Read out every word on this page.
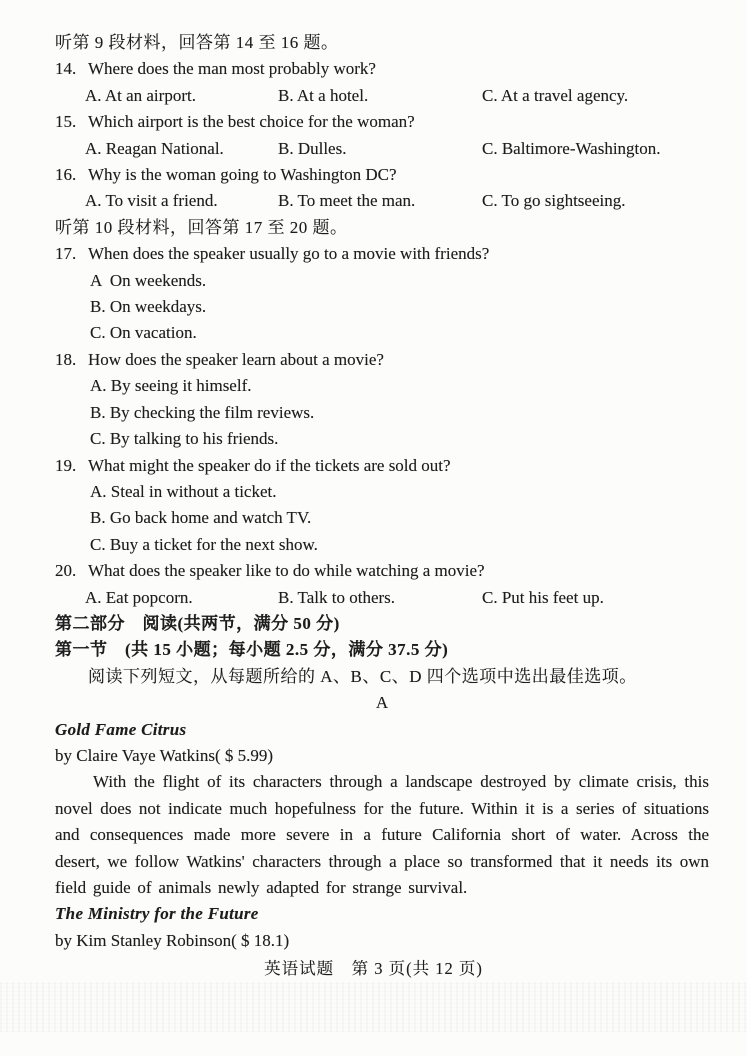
听第 9 段材料，回答第 14 至 16 题。
14. Where does the man most probably work?
A. At an airport.	B. At a hotel.	C. At a travel agency.
15. Which airport is the best choice for the woman?
A. Reagan National.	B. Dulles.	C. Baltimore-Washington.
16. Why is the woman going to Washington DC?
A. To visit a friend.	B. To meet the man.	C. To go sightseeing.
听第 10 段材料，回答第 17 至 20 题。
17. When does the speaker usually go to a movie with friends?
A  On weekends.
B. On weekdays.
C. On vacation.
18. How does the speaker learn about a movie?
A. By seeing it himself.
B. By checking the film reviews.
C. By talking to his friends.
19. What might the speaker do if the tickets are sold out?
A. Steal in without a ticket.
B. Go back home and watch TV.
C. Buy a ticket for the next show.
20. What does the speaker like to do while watching a movie?
A. Eat popcorn.	B. Talk to others.	C. Put his feet up.
第二部分　阅读(共两节，满分 50 分)
第一节　(共 15 小题；每小题 2.5 分，满分 37.5 分)
阅读下列短文，从每题所给的 A、B、C、D 四个选项中选出最佳选项。
A
Gold Fame Citrus
by Claire Vaye Watkins( $ 5.99)
With the flight of its characters through a landscape destroyed by climate crisis, this novel does not indicate much hopefulness for the future. Within it is a series of situations and consequences made more severe in a future California short of water. Across the desert, we follow Watkins' characters through a place so transformed that it needs its own field guide of animals newly adapted for strange survival.
The Ministry for the Future
by Kim Stanley Robinson( $ 18.1)
英语试题　第 3 页(共 12 页)
